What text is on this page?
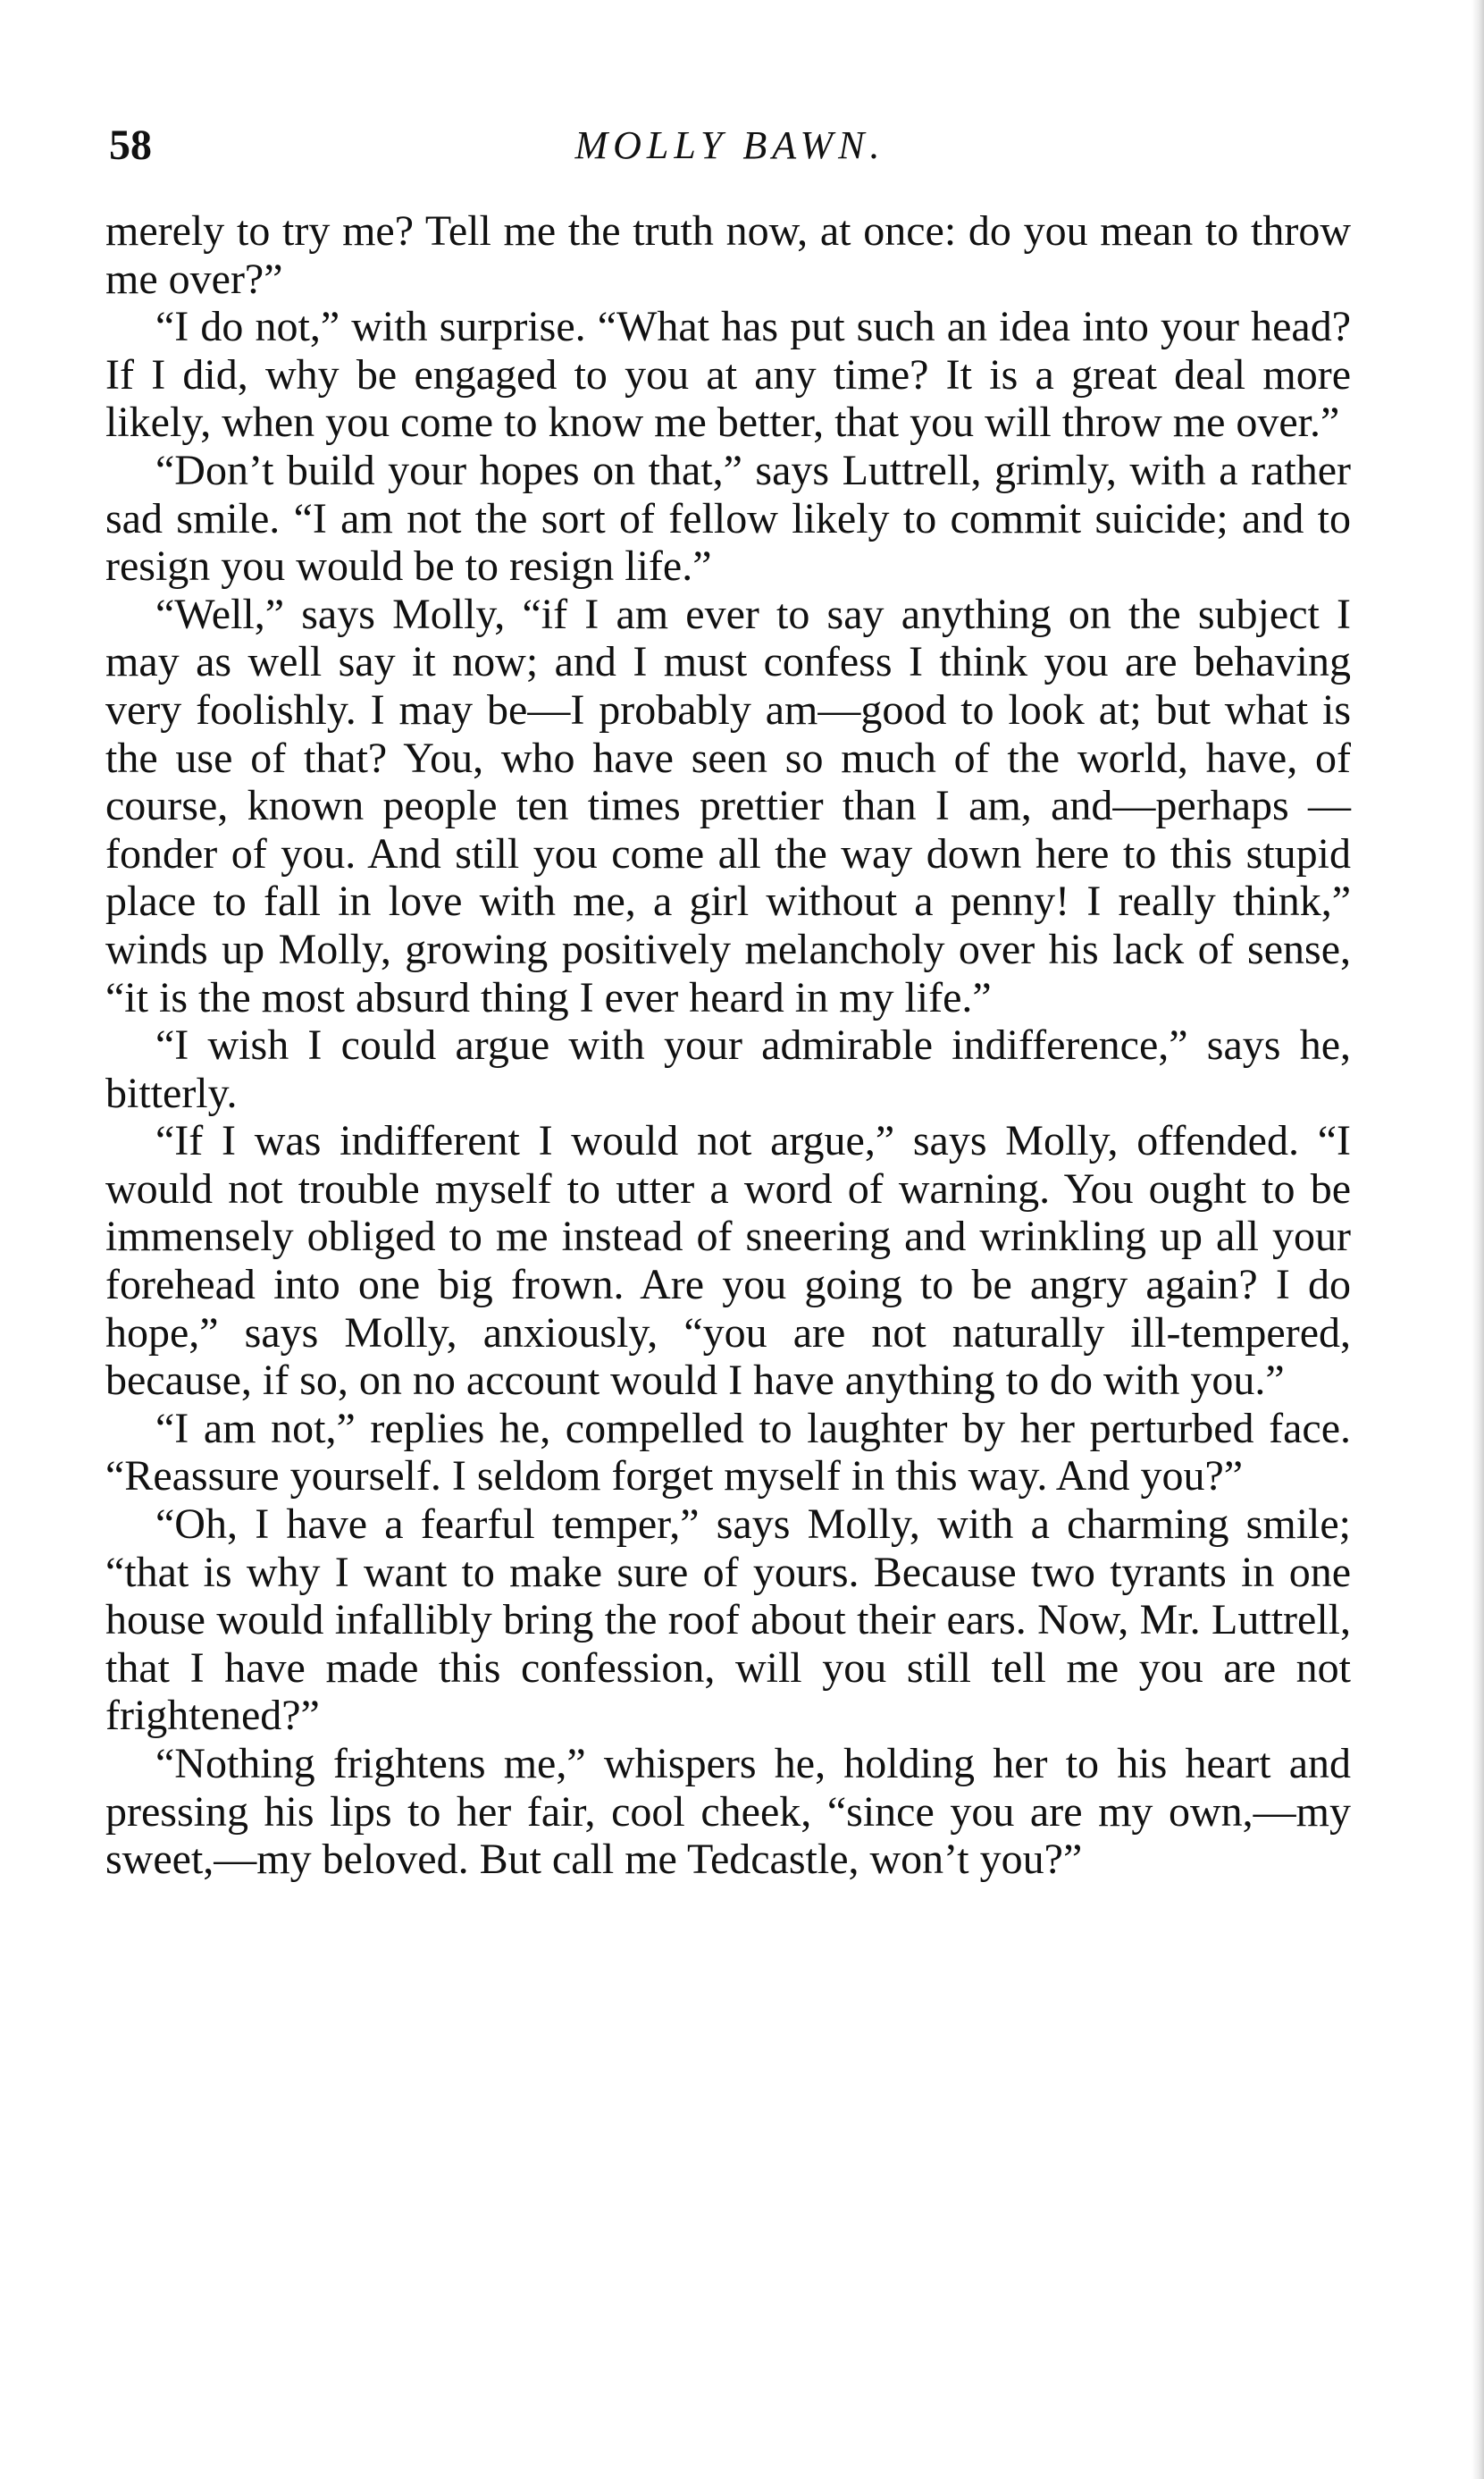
58	MOLLY BAWN.

merely to try me? Tell me the truth now, at once: do you mean to throw me over?”

“I do not,” with surprise. “What has put such an idea into your head? If I did, why be engaged to you at any time? It is a great deal more likely, when you come to know me better, that you will throw me over.”

“Don’t build your hopes on that,” says Luttrell, grimly, with a rather sad smile. “I am not the sort of fellow likely to commit suicide; and to resign you would be to resign life.”

“Well,” says Molly, “if I am ever to say anything on the subject I may as well say it now; and I must confess I think you are behaving very foolishly. I may be—I probably am—good to look at; but what is the use of that? You, who have seen so much of the world, have, of course, known people ten times prettier than I am, and—perhaps —fonder of you. And still you come all the way down here to this stupid place to fall in love with me, a girl without a penny! I really think,” winds up Molly, growing positively melancholy over his lack of sense, “it is the most absurd thing I ever heard in my life.”

“I wish I could argue with your admirable indifference,” says he, bitterly.

“If I was indifferent I would not argue,” says Molly, offended. “I would not trouble myself to utter a word of warning. You ought to be immensely obliged to me instead of sneering and wrinkling up all your forehead into one big frown. Are you going to be angry again? I do hope,” says Molly, anxiously, “you are not naturally ill-tempered, because, if so, on no account would I have anything to do with you.”

“I am not,” replies he, compelled to laughter by her perturbed face. “Reassure yourself. I seldom forget myself in this way. And you?”

“Oh, I have a fearful temper,” says Molly, with a charming smile; “that is why I want to make sure of yours. Because two tyrants in one house would infallibly bring the roof about their ears. Now, Mr. Luttrell, that I have made this confession, will you still tell me you are not frightened?”

“Nothing frightens me,” whispers he, holding her to his heart and pressing his lips to her fair, cool cheek, “since you are my own,—my sweet,—my beloved. But call me Tedcastle, won’t you?”
